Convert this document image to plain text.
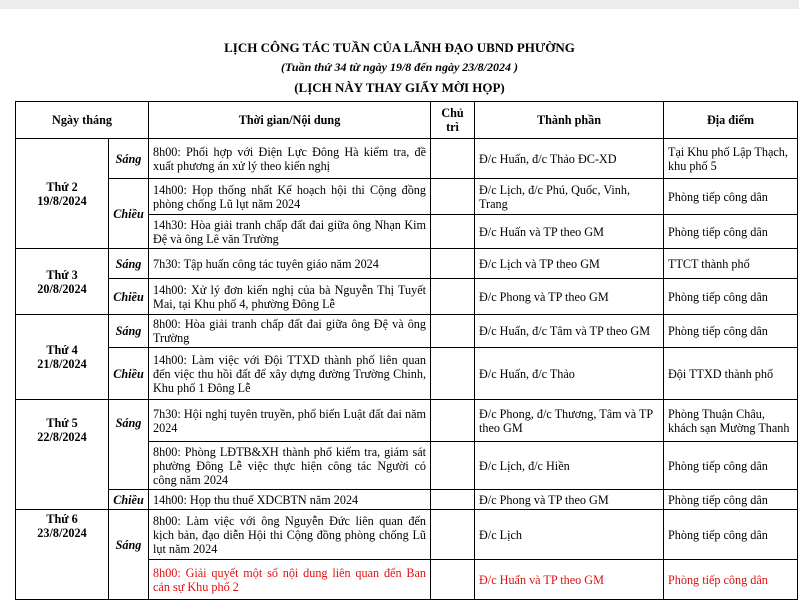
LỊCH CÔNG TÁC TUẦN CỦA LÃNH ĐẠO UBND PHƯỜNG
(Tuần thứ 34 từ ngày 19/8 đến ngày 23/8/2024 )
(LỊCH NÀY THAY GIẤY MỜI HỌP)
Ngày tháng		Thời gian/Nội dung	Chủ trì	Thành phần	Địa điểm

Thứ 2
19/8/2024	Sáng	8h00: Phối hợp với Điện Lực Đông Hà kiểm tra, đề xuất phương án xử lý theo kiến nghị		Đ/c Huấn, đ/c Thảo ĐC-XD	Tại Khu phố Lập Thạch, khu phố 5
	Chiều	14h00: Họp thống nhất Kế hoạch hội thi Cộng đồng phòng chống Lũ lụt năm 2024		Đ/c Lịch, đ/c Phú, Quốc, Vinh, Trang	Phòng tiếp công dân
		14h30: Hòa giải tranh chấp đất đai giữa ông Nhạn Kim Đệ và ông Lê văn Trường		Đ/c Huấn và TP theo GM	Phòng tiếp công dân

Thứ 3
20/8/2024	Sáng	7h30: Tập huấn công tác tuyên giáo năm 2024		Đ/c Lịch và TP theo GM	TTCT thành phố
	Chiều	14h00: Xử lý đơn kiến nghị của bà Nguyễn Thị Tuyết Mai, tại Khu phố 4, phường Đông Lễ		Đ/c Phong và TP theo GM	Phòng tiếp công dân

Thứ 4
21/8/2024	Sáng	8h00: Hòa giải tranh chấp đất đai giữa ông Đệ và ông Trường		Đ/c Huấn, đ/c Tâm và TP theo GM	Phòng tiếp công dân
	Chiều	14h00: Làm việc với Đội TTXD thành phố liên quan đến việc thu hồi đất để xây dựng đường Trường Chinh, Khu phố 1 Đông Lễ		Đ/c Huấn, đ/c Thảo	Đội TTXD thành phố

Thứ 5
22/8/2024	Sáng	7h30: Hội nghị tuyên truyền, phổ biến Luật đất đai năm 2024		Đ/c Phong, đ/c Thương, Tâm và TP theo GM	Phòng Thuận Châu, khách sạn Mường Thanh
		8h00: Phòng LĐTB&XH thành phố kiểm tra, giám sát phường Đông Lễ việc thực hiện công tác Người có công năm 2024		Đ/c Lịch, đ/c Hiền	Phòng tiếp công dân
	Chiều	14h00: Họp thu thuế XDCBTN năm 2024		Đ/c Phong và TP theo GM	Phòng tiếp công dân

Thứ 6
23/8/2024	Sáng	8h00: Làm việc với ông Nguyễn Đức liên quan đến kịch bản, đạo diễn Hội thi Cộng đồng phòng chống Lũ lụt năm 2024		Đ/c Lịch	Phòng tiếp công dân
		8h00: Giải quyết một số nội dung liên quan đến Ban cán sự Khu phố 2		Đ/c Huấn và TP theo GM	Phòng tiếp công dân
